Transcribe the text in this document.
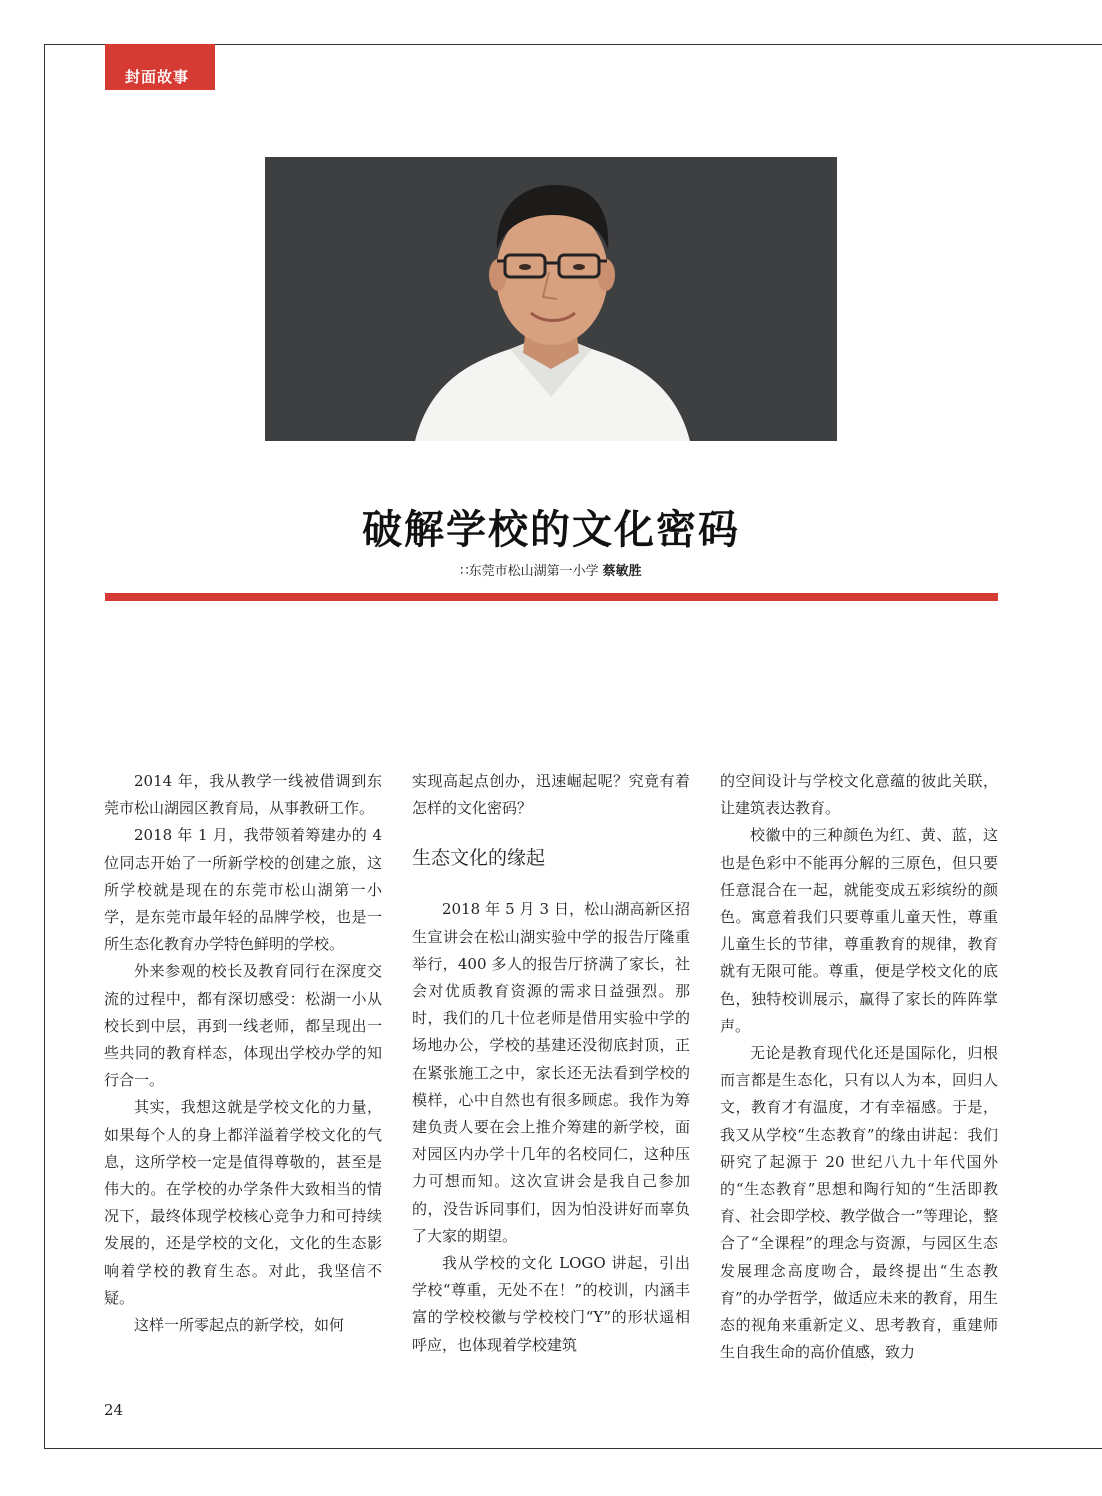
封面故事
破解学校的文化密码
∷东莞市松山湖第一小学 蔡敏胜

2014 年，我从教学一线被借调到东莞市松山湖园区教育局，从事教研工作。

2018 年 1 月，我带领着筹建办的 4 位同志开始了一所新学校的创建之旅，这所学校就是现在的东莞市松山湖第一小学，是东莞市最年轻的品牌学校，也是一所生态化教育办学特色鲜明的学校。

外来参观的校长及教育同行在深度交流的过程中，都有深切感受：松湖一小从校长到中层，再到一线老师，都呈现出一些共同的教育样态，体现出学校办学的知行合一。

其实，我想这就是学校文化的力量，如果每个人的身上都洋溢着学校文化的气息，这所学校一定是值得尊敬的，甚至是伟大的。在学校的办学条件大致相当的情况下，最终体现学校核心竞争力和可持续发展的，还是学校的文化，文化的生态影响着学校的教育生态。对此，我坚信不疑。

这样一所零起点的新学校，如何

实现高起点创办，迅速崛起呢？究竟有着怎样的文化密码？

生态文化的缘起

2018 年 5 月 3 日，松山湖高新区招生宣讲会在松山湖实验中学的报告厅隆重举行，400 多人的报告厅挤满了家长，社会对优质教育资源的需求日益强烈。那时，我们的几十位老师是借用实验中学的场地办公，学校的基建还没彻底封顶，正在紧张施工之中，家长还无法看到学校的模样，心中自然也有很多顾虑。我作为筹建负责人要在会上推介筹建的新学校，面对园区内办学十几年的名校同仁，这种压力可想而知。这次宣讲会是我自己参加的，没告诉同事们，因为怕没讲好而辜负了大家的期望。

我从学校的文化 LOGO 讲起，引出学校“尊重，无处不在！”的校训，内涵丰富的学校校徽与学校校门“Y”的形状遥相呼应，也体现着学校建筑

的空间设计与学校文化意蕴的彼此关联，让建筑表达教育。

校徽中的三种颜色为红、黄、蓝，这也是色彩中不能再分解的三原色，但只要任意混合在一起，就能变成五彩缤纷的颜色。寓意着我们只要尊重儿童天性，尊重儿童生长的节律，尊重教育的规律，教育就有无限可能。尊重，便是学校文化的底色，独特校训展示，赢得了家长的阵阵掌声。

无论是教育现代化还是国际化，归根而言都是生态化，只有以人为本，回归人文，教育才有温度，才有幸福感。于是，我又从学校“生态教育”的缘由讲起：我们研究了起源于 20 世纪八九十年代国外的“生态教育”思想和陶行知的“生活即教育、社会即学校、教学做合一”等理论，整合了“全课程”的理念与资源，与园区生态发展理念高度吻合，最终提出“生态教育”的办学哲学，做适应未来的教育，用生态的视角来重新定义、思考教育，重建师生自我生命的高价值感，致力

24
